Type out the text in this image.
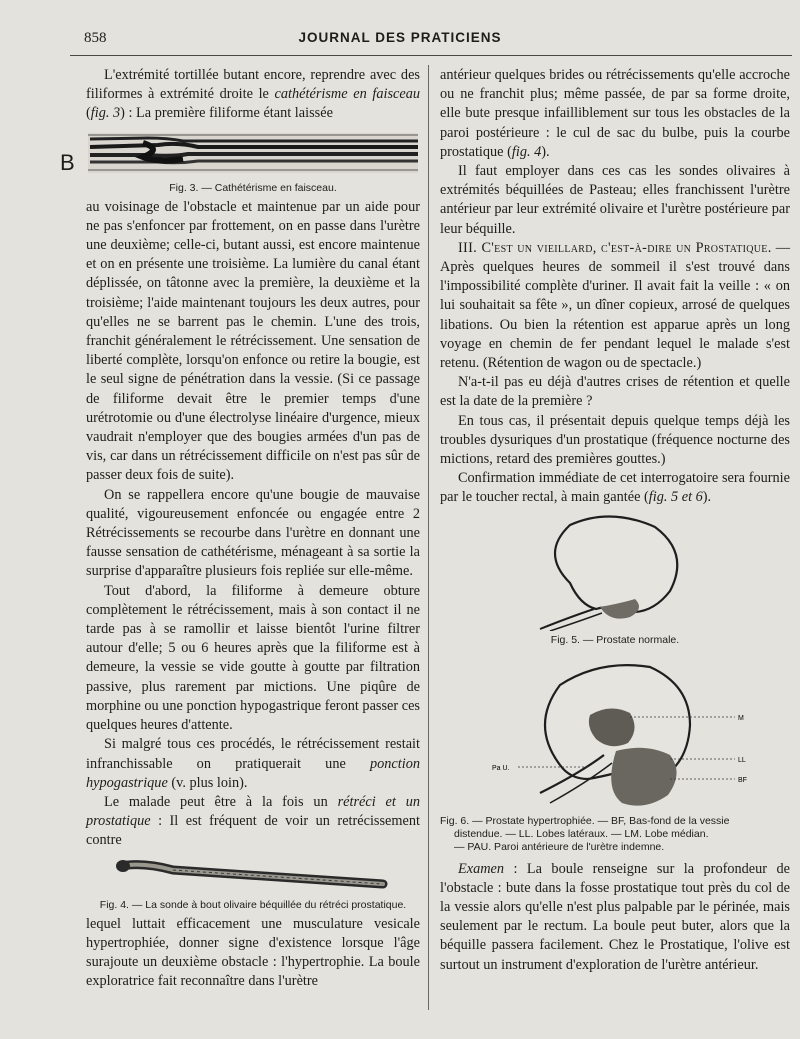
858	JOURNAL DES PRATICIENS
B

L'extrémité tortillée butant encore, reprendre avec des filiformes à extrémité droite le cathétérisme en faisceau (fig. 3) : La première filiforme étant laissée

Fig. 3. — Cathétérisme en faisceau.

au voisinage de l'obstacle et maintenue par un aide pour ne pas s'enfoncer par frottement, on en passe dans l'urètre une deuxième; celle-ci, butant aussi, est encore maintenue et on en présente une troisième. La lumière du canal étant déplissée, on tâtonne avec la première, la deuxième et la troisième; l'aide maintenant toujours les deux autres, pour qu'elles ne se barrent pas le chemin. L'une des trois, franchit généralement le rétrécissement. Une sensation de liberté complète, lorsqu'on enfonce ou retire la bougie, est le seul signe de pénétration dans la vessie. (Si ce passage de filiforme devait être le premier temps d'une urétrotomie ou d'une électrolyse linéaire d'urgence, mieux vaudrait n'employer que des bougies armées d'un pas de vis, car dans un rétrécissement difficile on n'est pas sûr de passer deux fois de suite).

On se rappellera encore qu'une bougie de mauvaise qualité, vigoureusement enfoncée ou engagée entre 2 Rétrécissements se recourbe dans l'urètre en donnant une fausse sensation de cathétérisme, ménageant à sa sortie la surprise d'apparaître plusieurs fois repliée sur elle-même.

Tout d'abord, la filiforme à demeure obture complètement le rétrécissement, mais à son contact il ne tarde pas à se ramollir et laisse bientôt l'urine filtrer autour d'elle; 5 ou 6 heures après que la filiforme est à demeure, la vessie se vide goutte à goutte par filtration passive, plus rarement par mictions. Une piqûre de morphine ou une ponction hypogastrique feront passer ces quelques heures d'attente.

Si malgré tous ces procédés, le rétrécissement restait infranchissable on pratiquerait une ponction hypogastrique (v. plus loin).

Le malade peut être à la fois un rétréci et un prostatique : Il est fréquent de voir un retrécissement contre

Fig. 4. — La sonde à bout olivaire béquillée du rétréci prostatique.

lequel luttait efficacement une musculature vesicale hypertrophiée, donner signe d'existence lorsque l'âge surajoute un deuxième obstacle : l'hypertrophie. La boule exploratrice fait reconnaître dans l'urètre

antérieur quelques brides ou rétrécissements qu'elle accroche ou ne franchit plus; même passée, de par sa forme droite, elle bute presque infailliblement sur tous les obstacles de la paroi postérieure : le cul de sac du bulbe, puis la courbe prostatique (fig. 4).

Il faut employer dans ces cas les sondes olivaires à extrémités béquillées de Pasteau; elles franchissent l'urètre antérieur par leur extrémité olivaire et l'urètre postérieure par leur béquille.

III. C'est un vieillard, c'est-à-dire un Prostatique. — Après quelques heures de sommeil il s'est trouvé dans l'impossibilité complète d'uriner. Il avait fait la veille : « on lui souhaitait sa fête », un dîner copieux, arrosé de quelques libations. Ou bien la rétention est apparue après un long voyage en chemin de fer pendant lequel le malade s'est retenu. (Rétention de wagon ou de spectacle.)

N'a-t-il pas eu déjà d'autres crises de rétention et quelle est la date de la première ?

En tous cas, il présentait depuis quelque temps déjà les troubles dysuriques d'un prostatique (fréquence nocturne des mictions, retard des premières gouttes.)

Confirmation immédiate de cet interrogatoire sera fournie par le toucher rectal, à main gantée (fig. 5 et 6).

Fig. 5. — Prostate normale.
M
LL
BF
Pa U.
Fig. 6. — Prostate hypertrophiée. — BF, Bas-fond de la vessie
distendue. — LL. Lobes latéraux. — LM. Lobe médian.
— PAU. Paroi antérieure de l'urètre indemne.

Examen : La boule renseigne sur la profondeur de l'obstacle : bute dans la fosse prostatique tout près du col de la vessie alors qu'elle n'est plus palpable par le périnée, mais seulement par le rectum. La boule peut buter, alors que la béquille passera facilement. Chez le Prostatique, l'olive est surtout un instrument d'exploration de l'urètre antérieur.
